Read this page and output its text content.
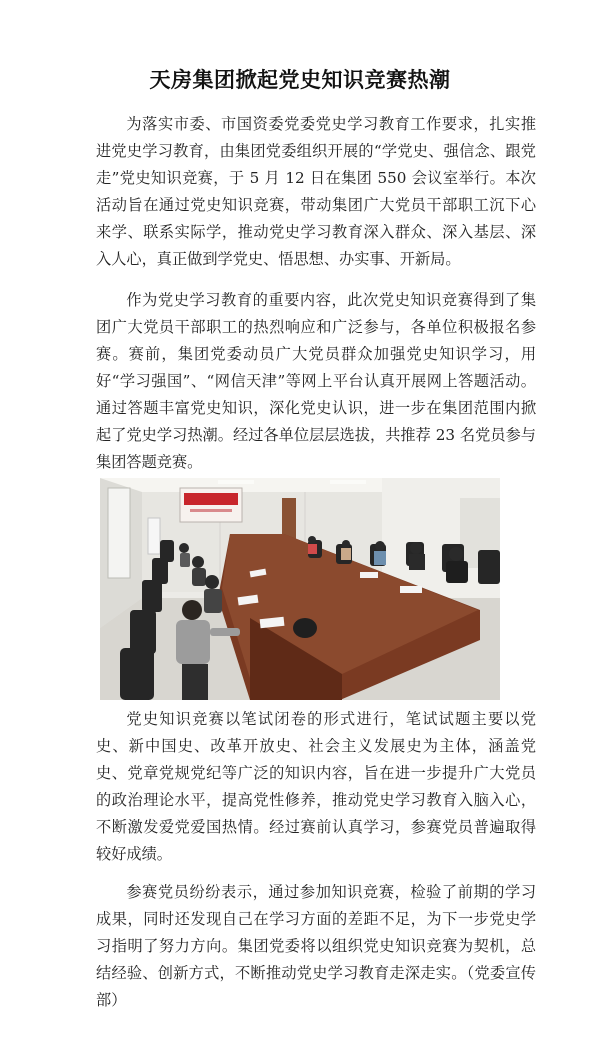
天房集团掀起党史知识竞赛热潮

为落实市委、市国资委党委党史学习教育工作要求，扎实推进党史学习教育，由集团党委组织开展的“学党史、强信念、跟党走”党史知识竞赛，于 5 月 12 日在集团 550 会议室举行。本次活动旨在通过党史知识竞赛，带动集团广大党员干部职工沉下心来学、联系实际学，推动党史学习教育深入群众、深入基层、深入人心，真正做到学党史、悟思想、办实事、开新局。

作为党史学习教育的重要内容，此次党史知识竞赛得到了集团广大党员干部职工的热烈响应和广泛参与，各单位积极报名参赛。赛前，集团党委动员广大党员群众加强党史知识学习，用好“学习强国”、“网信天津”等网上平台认真开展网上答题活动。通过答题丰富党史知识，深化党史认识，进一步在集团范围内掀起了党史学习热潮。经过各单位层层选拔，共推荐 23 名党员参与集团答题竞赛。

党史知识竞赛以笔试闭卷的形式进行，笔试试题主要以党史、新中国史、改革开放史、社会主义发展史为主体，涵盖党史、党章党规党纪等广泛的知识内容，旨在进一步提升广大党员的政治理论水平，提高党性修养，推动党史学习教育入脑入心，不断激发爱党爱国热情。经过赛前认真学习，参赛党员普遍取得较好成绩。

参赛党员纷纷表示，通过参加知识竞赛，检验了前期的学习成果，同时还发现自己在学习方面的差距不足，为下一步党史学习指明了努力方向。集团党委将以组织党史知识竞赛为契机，总结经验、创新方式，不断推动党史学习教育走深走实。（党委宣传部）
